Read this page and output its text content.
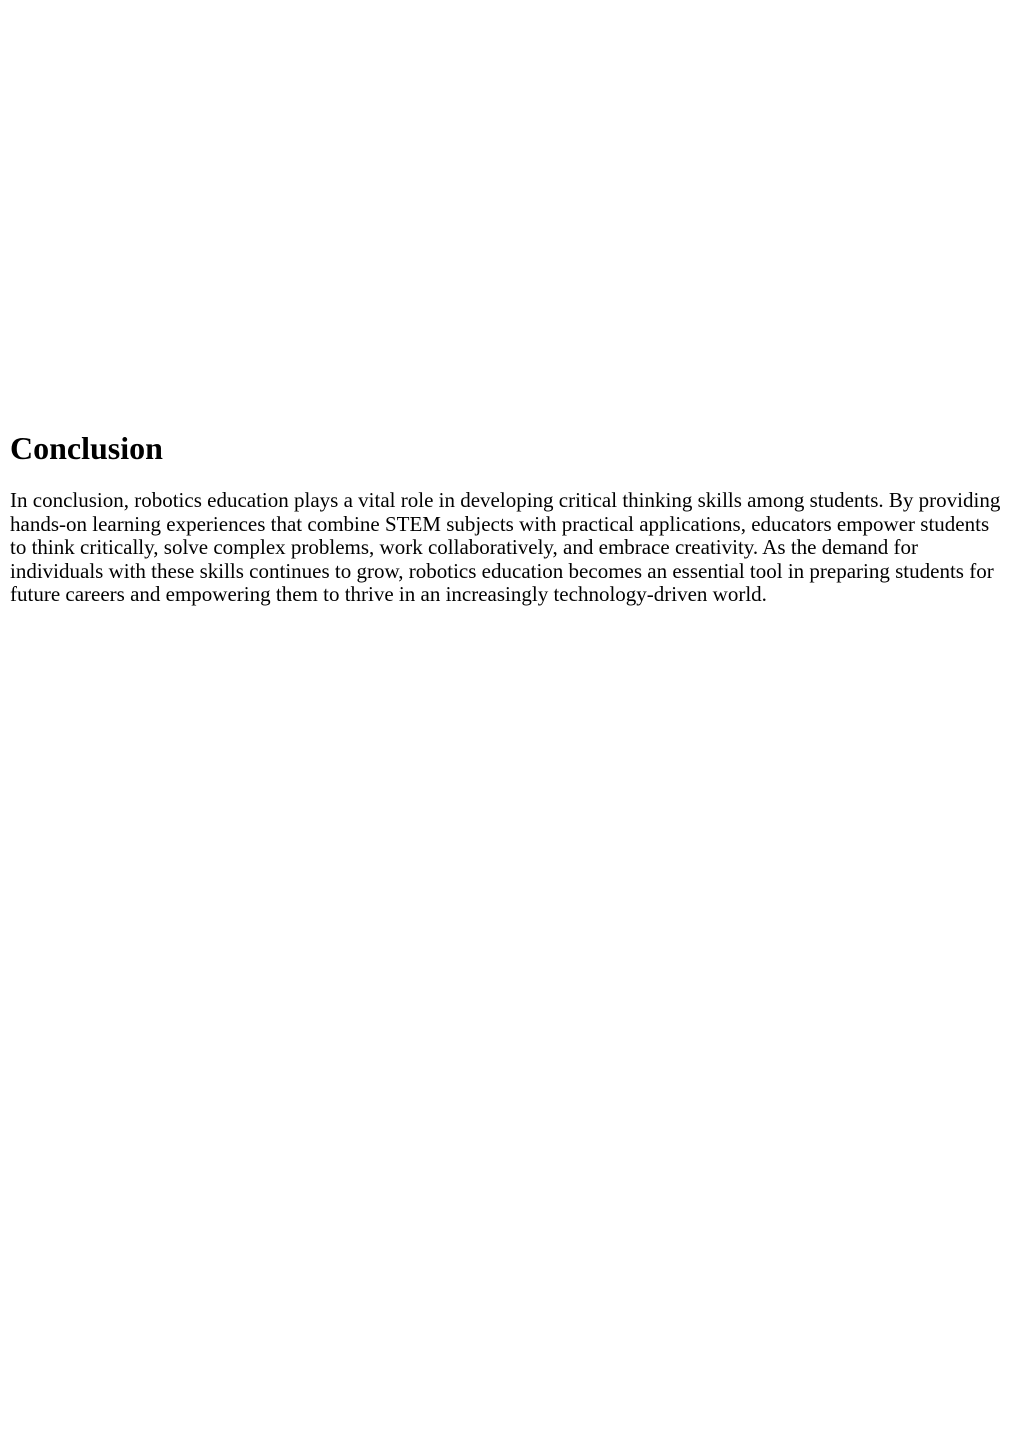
Conclusion

In conclusion, robotics education plays a vital role in developing critical thinking skills among students. By providing hands-on learning experiences that combine STEM subjects with practical applications, educators empower students to think critically, solve complex problems, work collaboratively, and embrace creativity. As the demand for individuals with these skills continues to grow, robotics education becomes an essential tool in preparing students for future careers and empowering them to thrive in an increasingly technology-driven world.
